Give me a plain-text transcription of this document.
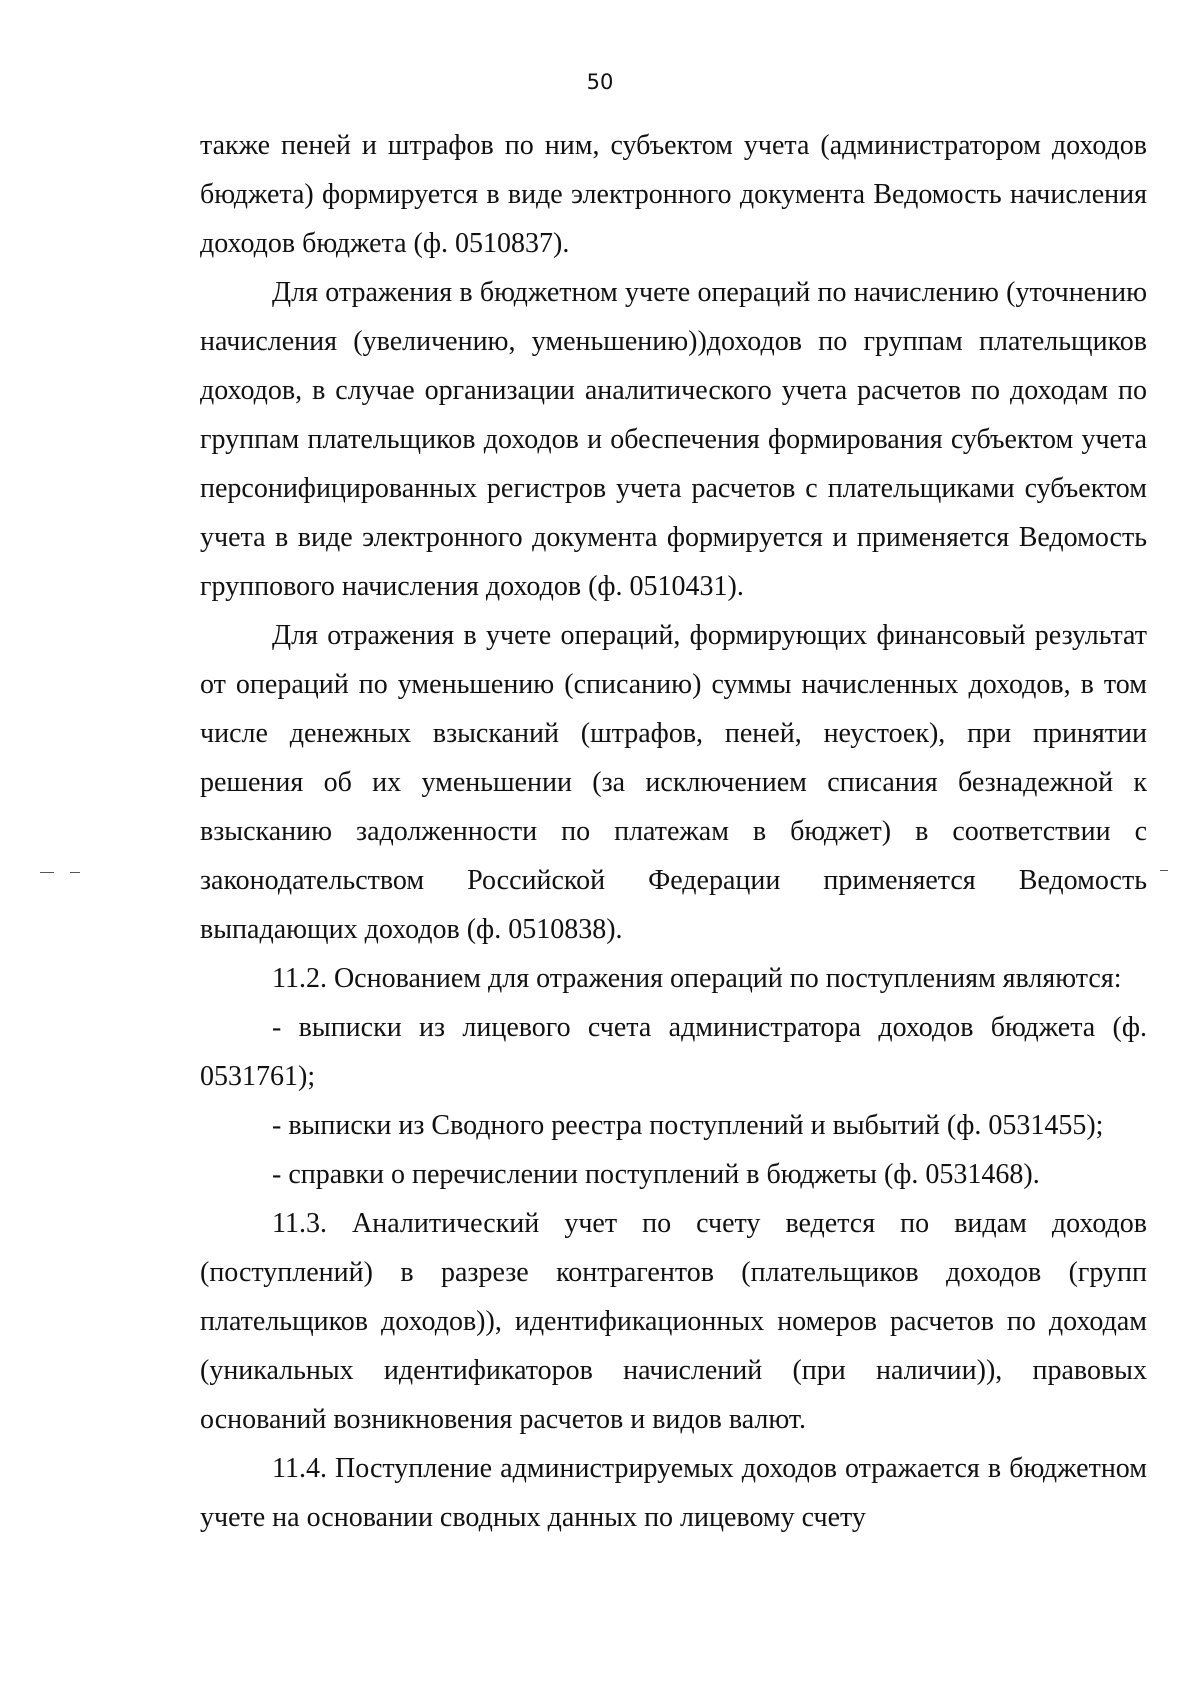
50

также пеней и штрафов по ним, субъектом учета (администратором доходов бюджета) формируется в виде электронного документа Ведомость начисления доходов бюджета (ф. 0510837).

Для отражения в бюджетном учете операций по начислению (уточнению начисления (увеличению, уменьшению))доходов по группам плательщиков доходов, в случае организации аналитического учета расчетов по доходам по группам плательщиков доходов и обеспечения формирования субъектом учета персонифицированных регистров учета расчетов с плательщиками субъектом учета в виде электронного документа формируется и применяется Ведомость группового начисления доходов (ф. 0510431).

Для отражения в учете операций, формирующих финансовый результат от операций по уменьшению (списанию) суммы начисленных доходов, в том числе денежных взысканий (штрафов, пеней, неустоек), при принятии решения об их уменьшении (за исключением списания безнадежной к взысканию задолженности по платежам в бюджет) в соответствии с законодательством Российской Федерации применяется Ведомость выпадающих доходов (ф. 0510838).

11.2. Основанием для отражения операций по поступлениям являются:

- выписки из лицевого счета администратора доходов бюджета (ф. 0531761);

- выписки из Сводного реестра поступлений и выбытий (ф. 0531455);

- справки о перечислении поступлений в бюджеты (ф. 0531468).

11.3. Аналитический учет по счету ведется по видам доходов (поступлений) в разрезе контрагентов (плательщиков доходов (групп плательщиков доходов)), идентификационных номеров расчетов по доходам (уникальных идентификаторов начислений (при наличии)), правовых оснований возникновения расчетов и видов валют.

11.4. Поступление администрируемых доходов отражается в бюджетном учете на основании сводных данных по лицевому счету
